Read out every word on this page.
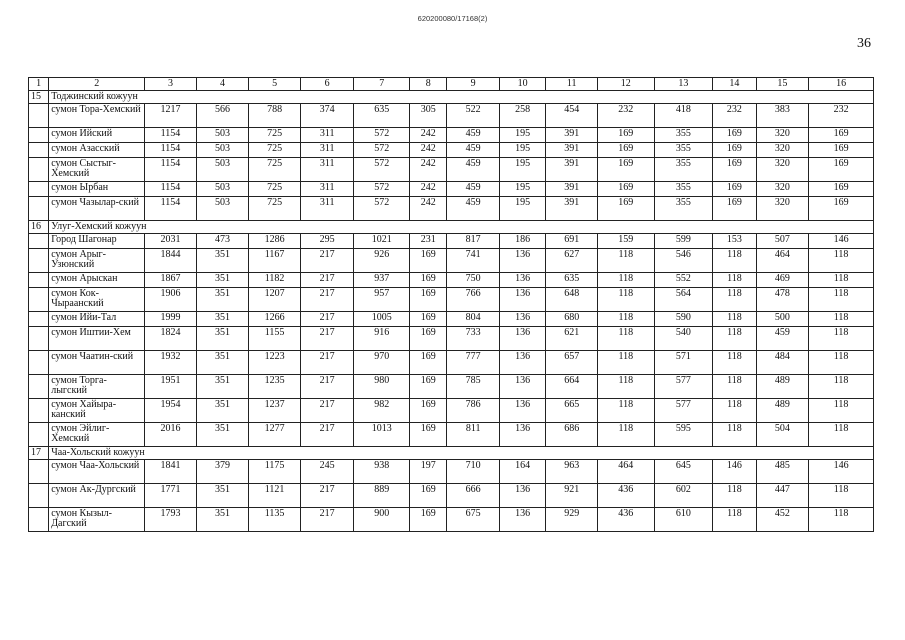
620200080/17168(2)
36
1	2	3	4	5	6	7	8	9	10	11	12	13	14	15	16
15	Тоджинский кожуун														
	сумон Тора-Хемский	1217	566	788	374	635	305	522	258	454	232	418	232	383	232
	сумон Ийский	1154	503	725	311	572	242	459	195	391	169	355	169	320	169
	сумон Азасский	1154	503	725	311	572	242	459	195	391	169	355	169	320	169
	сумон Сыстыг-Хемский	1154	503	725	311	572	242	459	195	391	169	355	169	320	169
	сумон Ырбан	1154	503	725	311	572	242	459	195	391	169	355	169	320	169
	сумон Чазылар-ский	1154	503	725	311	572	242	459	195	391	169	355	169	320	169
16	Улуг-Хемский кожуун														
	Город Шагонар	2031	473	1286	295	1021	231	817	186	691	159	599	153	507	146
	сумон Арыг-Узюнский	1844	351	1167	217	926	169	741	136	627	118	546	118	464	118
	сумон Арыскан	1867	351	1182	217	937	169	750	136	635	118	552	118	469	118
	сумон Кок-Чыраанский	1906	351	1207	217	957	169	766	136	648	118	564	118	478	118
	сумон Ийи-Тал	1999	351	1266	217	1005	169	804	136	680	118	590	118	500	118
	сумон Иштии-Хем	1824	351	1155	217	916	169	733	136	621	118	540	118	459	118
	сумон Чаатин-ский	1932	351	1223	217	970	169	777	136	657	118	571	118	484	118
	сумон Торга-лыгский	1951	351	1235	217	980	169	785	136	664	118	577	118	489	118
	сумон Хайыра-канский	1954	351	1237	217	982	169	786	136	665	118	577	118	489	118
	сумон Эйлиг-Хемский	2016	351	1277	217	1013	169	811	136	686	118	595	118	504	118
17	Чаа-Хольский кожуун														
	сумон Чаа-Хольский	1841	379	1175	245	938	197	710	164	963	464	645	146	485	146
	сумон Ак-Дургский	1771	351	1121	217	889	169	666	136	921	436	602	118	447	118
	сумон Кызыл-Дагский	1793	351	1135	217	900	169	675	136	929	436	610	118	452	118
